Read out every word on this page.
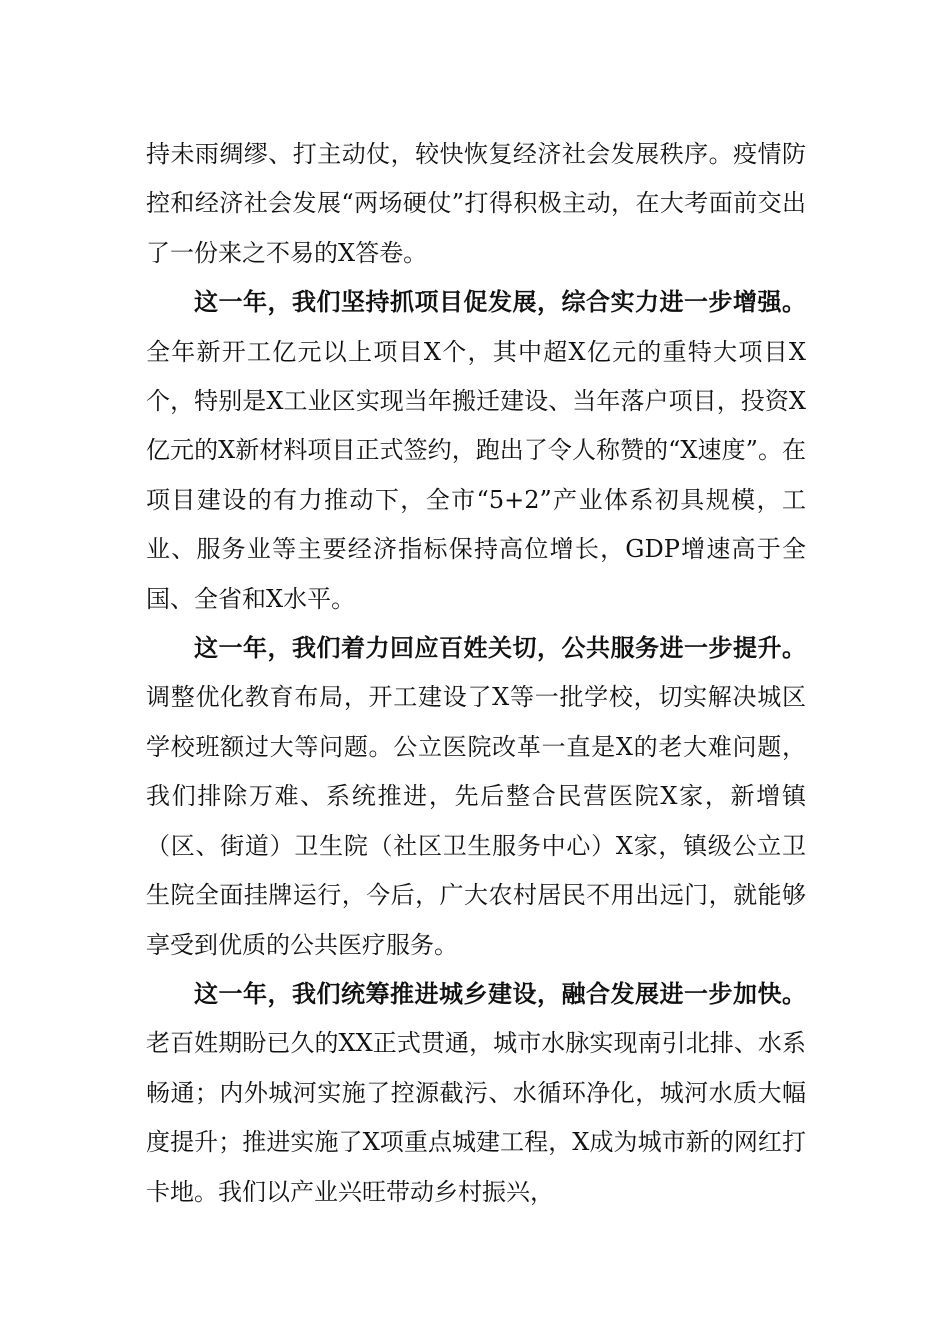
持未雨绸缪、打主动仗，较快恢复经济社会发展秩序。疫情防控和经济社会发展“两场硬仗”打得积极主动，在大考面前交出了一份来之不易的X答卷。

这一年，我们坚持抓项目促发展，综合实力进一步增强。全年新开工亿元以上项目X个，其中超X亿元的重特大项目X个，特别是X工业区实现当年搬迁建设、当年落户项目，投资X亿元的X新材料项目正式签约，跑出了令人称赞的“X速度”。在项目建设的有力推动下，全市“5+2”产业体系初具规模，工业、服务业等主要经济指标保持高位增长，GDP增速高于全国、全省和X水平。

这一年，我们着力回应百姓关切，公共服务进一步提升。调整优化教育布局，开工建设了X等一批学校，切实解决城区学校班额过大等问题。公立医院改革一直是X的老大难问题，我们排除万难、系统推进，先后整合民营医院X家，新增镇（区、街道）卫生院（社区卫生服务中心）X家，镇级公立卫生院全面挂牌运行，今后，广大农村居民不用出远门，就能够享受到优质的公共医疗服务。

这一年，我们统筹推进城乡建设，融合发展进一步加快。老百姓期盼已久的XX正式贯通，城市水脉实现南引北排、水系畅通；内外城河实施了控源截污、水循环净化，城河水质大幅度提升；推进实施了X项重点城建工程，X成为城市新的网红打卡地。我们以产业兴旺带动乡村振兴，
